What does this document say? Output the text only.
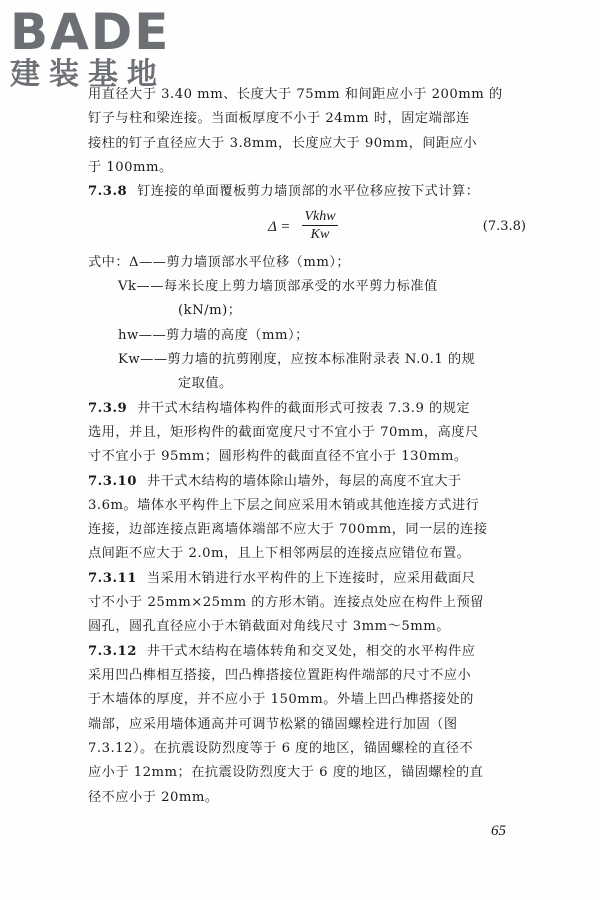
BADE
建装基地
用直径大于 3.40 mm、长度大于 75mm 和间距应小于 200mm 的
钉子与柱和梁连接。当面板厚度不小于 24mm 时，固定端部连
接柱的钉子直径应大于 3.8mm，长度应大于 90mm，间距应小
于 100mm。
7.3.8 钉连接的单面覆板剪力墙顶部的水平位移应按下式计算：
Δ =
Vkhw
Kw
(7.3.8)
式中：Δ——剪力墙顶部水平位移（mm）；
Vk——每米长度上剪力墙顶部承受的水平剪力标准值
(kN/m)；
hw——剪力墙的高度（mm）；
Kw——剪力墙的抗剪刚度，应按本标准附录表 N.0.1 的规
定取值。
7.3.9 井干式木结构墙体构件的截面形式可按表 7.3.9 的规定
选用，并且，矩形构件的截面宽度尺寸不宜小于 70mm，高度尺
寸不宜小于 95mm；圆形构件的截面直径不宜小于 130mm。
7.3.10 井干式木结构的墙体除山墙外，每层的高度不宜大于
3.6m。墙体水平构件上下层之间应采用木销或其他连接方式进行
连接，边部连接点距离墙体端部不应大于 700mm，同一层的连接
点间距不应大于 2.0m，且上下相邻两层的连接点应错位布置。
7.3.11 当采用木销进行水平构件的上下连接时，应采用截面尺
寸不小于 25mm×25mm 的方形木销。连接点处应在构件上预留
圆孔，圆孔直径应小于木销截面对角线尺寸 3mm～5mm。
7.3.12 井干式木结构在墙体转角和交叉处，相交的水平构件应
采用凹凸榫相互搭接，凹凸榫搭接位置距构件端部的尺寸不应小
于木墙体的厚度，并不应小于 150mm。外墙上凹凸榫搭接处的
端部，应采用墙体通高并可调节松紧的锚固螺栓进行加固（图
7.3.12）。在抗震设防烈度等于 6 度的地区，锚固螺栓的直径不
应小于 12mm；在抗震设防烈度大于 6 度的地区，锚固螺栓的直
径不应小于 20mm。
65
